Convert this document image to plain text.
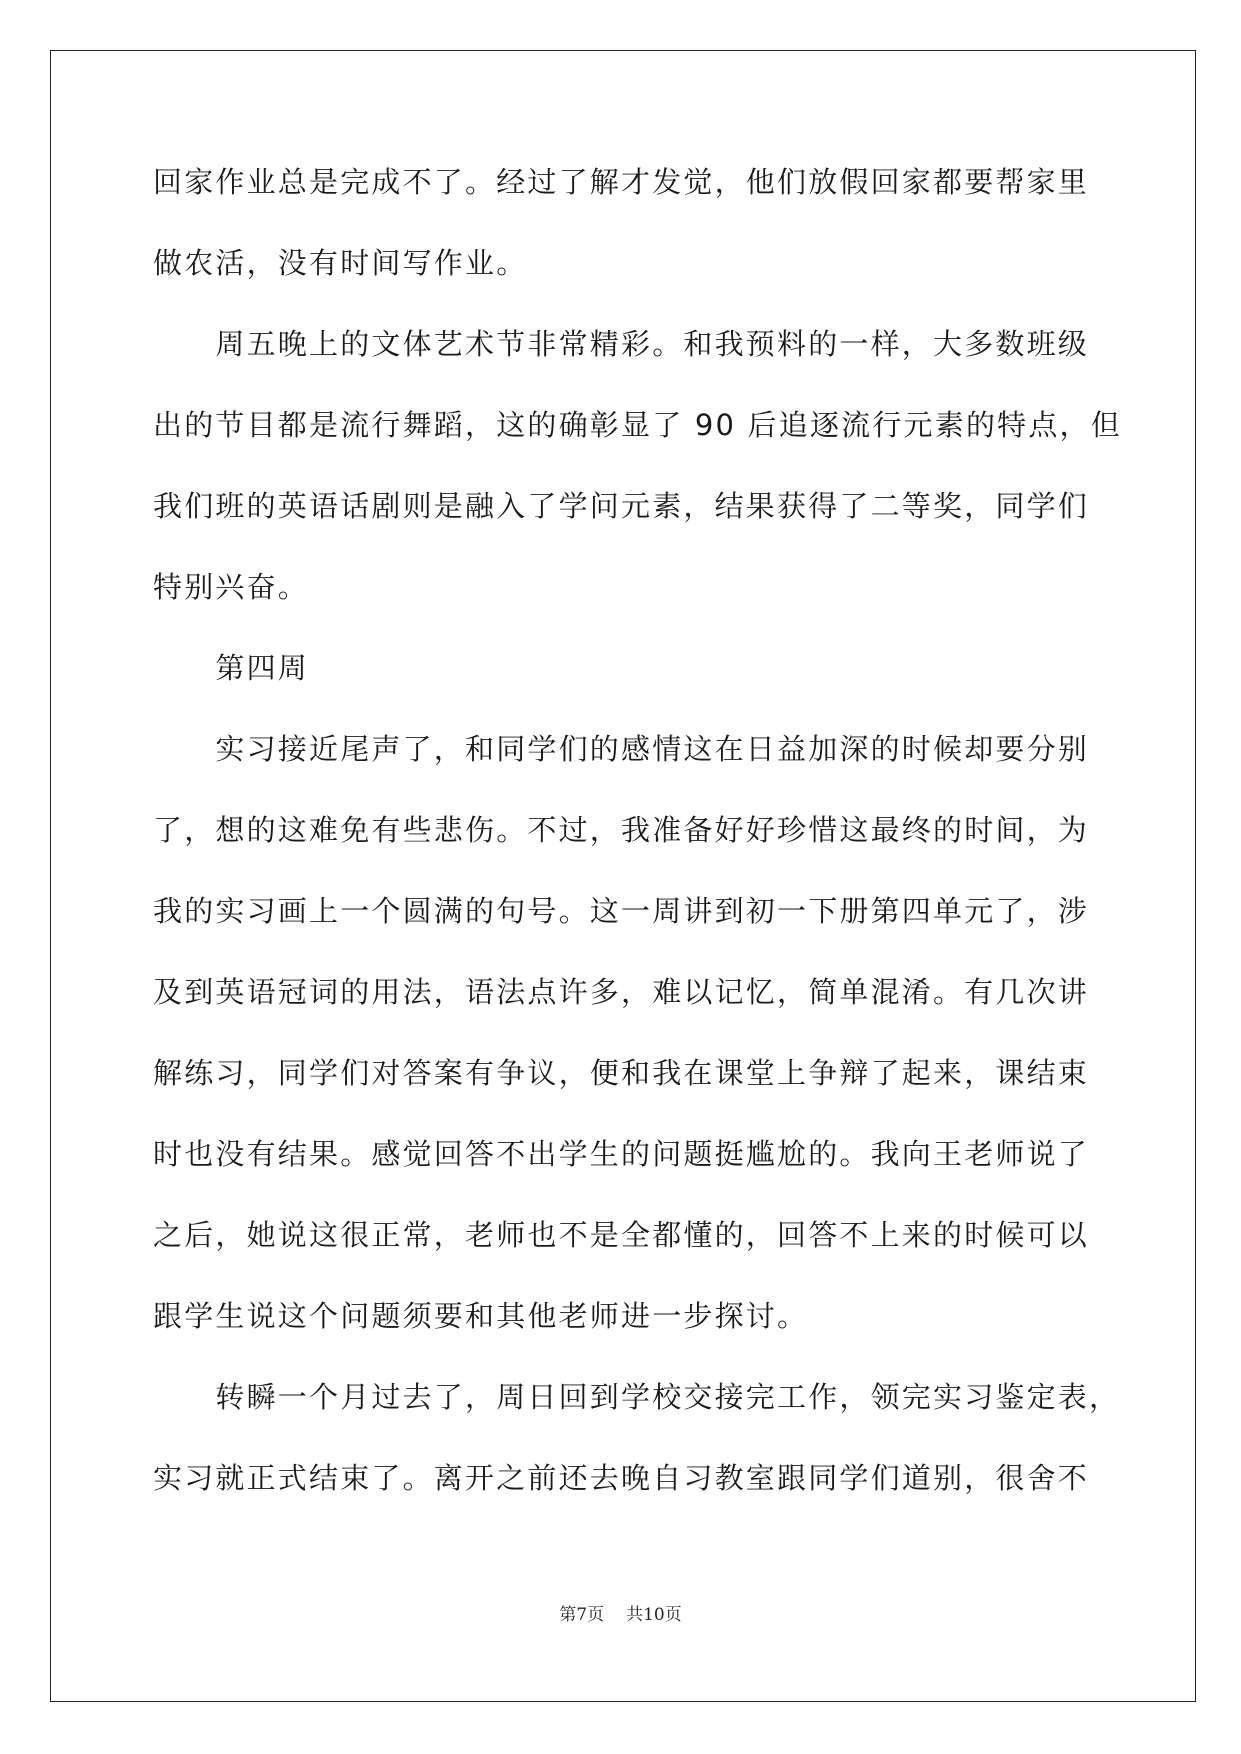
回家作业总是完成不了。经过了解才发觉，他们放假回家都要帮家里
做农活，没有时间写作业。
　　周五晚上的文体艺术节非常精彩。和我预料的一样，大多数班级
出的节目都是流行舞蹈，这的确彰显了 90 后追逐流行元素的特点，但
我们班的英语话剧则是融入了学问元素，结果获得了二等奖，同学们
特别兴奋。
　　第四周
　　实习接近尾声了，和同学们的感情这在日益加深的时候却要分别
了，想的这难免有些悲伤。不过，我准备好好珍惜这最终的时间，为
我的实习画上一个圆满的句号。这一周讲到初一下册第四单元了，涉
及到英语冠词的用法，语法点许多，难以记忆，简单混淆。有几次讲
解练习，同学们对答案有争议，便和我在课堂上争辩了起来，课结束
时也没有结果。感觉回答不出学生的问题挺尴尬的。我向王老师说了
之后，她说这很正常，老师也不是全都懂的，回答不上来的时候可以
跟学生说这个问题须要和其他老师进一步探讨。
　　转瞬一个月过去了，周日回到学校交接完工作，领完实习鉴定表，
实习就正式结束了。离开之前还去晚自习教室跟同学们道别，很舍不
第7页 共10页
